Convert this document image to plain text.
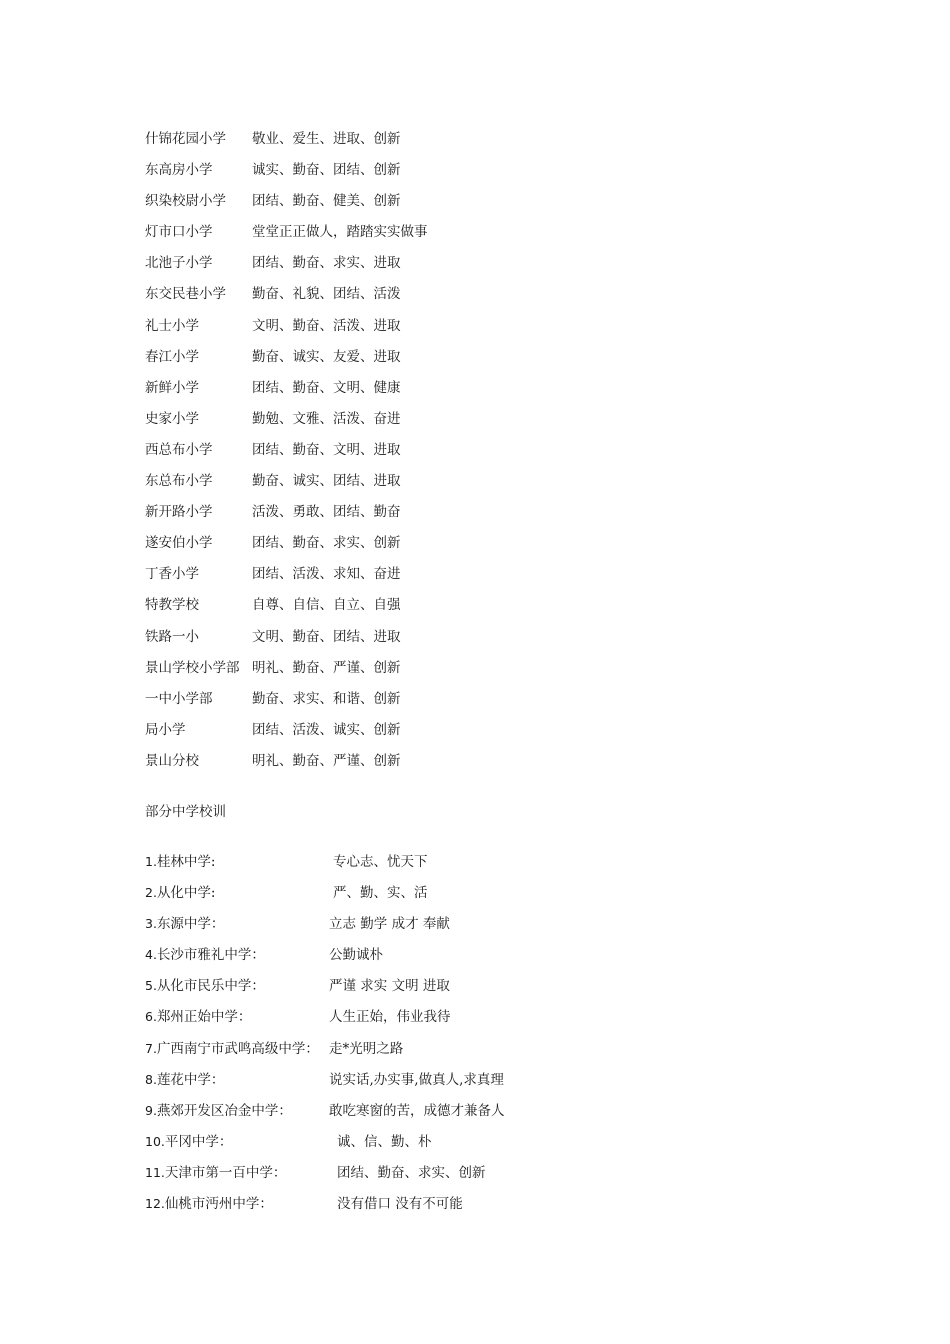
什锦花园小学 敬业、爱生、进取、创新
东高房小学	诚实、勤奋、团结、创新
织染校尉小学 团结、勤奋、健美、创新
灯市口小学	堂堂正正做人，踏踏实实做事
北池子小学	团结、勤奋、求实、进取
东交民巷小学 勤奋、礼貌、团结、活泼
礼士小学	文明、勤奋、活泼、进取
春江小学	勤奋、诚实、友爱、进取
新鲜小学	团结、勤奋、文明、健康
史家小学	勤勉、文雅、活泼、奋进
西总布小学	团结、勤奋、文明、进取
东总布小学	勤奋、诚实、团结、进取
新开路小学	活泼、勇敢、团结、勤奋
遂安伯小学	团结、勤奋、求实、创新
丁香小学	团结、活泼、求知、奋进
特教学校	自尊、自信、自立、自强
铁路一小	文明、勤奋、团结、进取
景山学校小学部 明礼、勤奋、严谨、创新
一中小学部	勤奋、求实、和谐、创新
局小学	团结、活泼、诚实、创新
景山分校	明礼、勤奋、严谨、创新
部分中学校训
1.桂林中学:	专心志、忧天下
2.从化中学:	严、勤、实、活
3.东源中学：	立志 勤学 成才 奉献
4.长沙市雅礼中学：	公勤诚朴
5.从化市民乐中学：	严谨 求实 文明 进取
6.郑州正始中学：	人生正始，伟业我待
7.广西南宁市武鸣高级中学： 走*光明之路
8.莲花中学：	说实话,办实事,做真人,求真理
9.燕郊开发区冶金中学：	敢吃寒窗的苦，成德才兼备人
10.平冈中学：	诚、信、勤、朴
11.天津市第一百中学：	团结、勤奋、求实、创新
12.仙桃市沔州中学：	没有借口 没有不可能
